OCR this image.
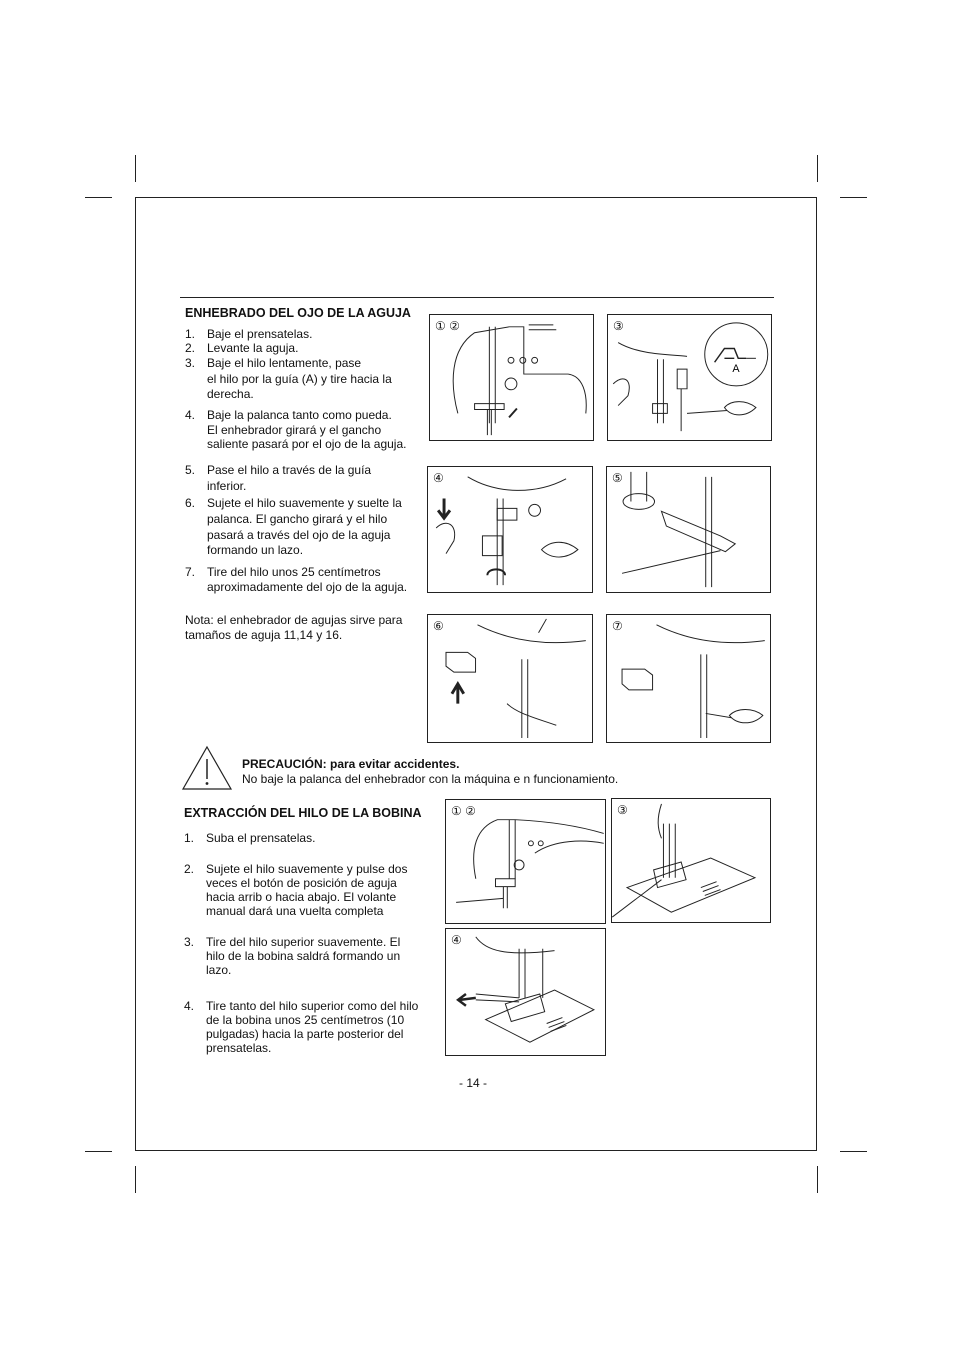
ENHEBRADO DEL OJO DE LA AGUJA
1. Baje el prensatelas.
2. Levante la aguja.
3. Baje el hilo lentamente, pase
el hilo por la guía (A) y tire hacia la
derecha.
4. Baje la palanca tanto como pueda.
El enhebrador girará y el gancho
saliente pasará por el ojo de la aguja.
5. Pase el hilo a través de la guía
inferior.
6. Sujete el hilo suavemente y suelte la
palanca. El gancho girará y el hilo
pasará a través del ojo de la aguja
formando un lazo.
7. Tire del hilo unos 25 centímetros
aproximadamente del ojo de la aguja.
Nota: el enhebrador de agujas sirve para
tamaños de aguja 11,14 y 16.
① ②	③
A
④	⑤
⑥	⑦
PRECAUCIÓN: para evitar accidentes.
No baje la palanca del enhebrador con la máquina e n funcionamiento.
EXTRACCIÓN DEL HILO DE LA BOBINA
1. Suba el prensatelas.
2. Sujete el hilo suavemente y pulse dos
veces el botón de posición de aguja
hacia arrib o hacia abajo. El volante
manual dará una vuelta completa
3. Tire del hilo superior suavemente. El
hilo de la bobina saldrá formando un
lazo.
4. Tire tanto del hilo superior como del hilo
de la bobina unos 25 centímetros (10
pulgadas) hacia la parte posterior del
prensatelas.
① ②	③
④
- 14 -
